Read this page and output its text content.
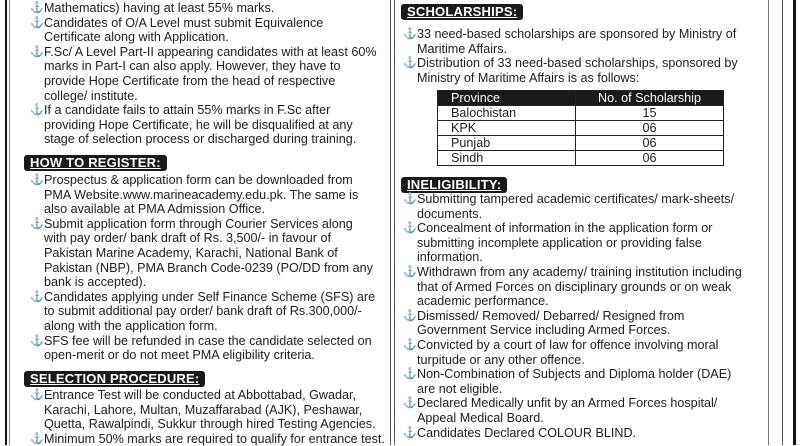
⚓ Mathematics) having at least 55% marks.
⚓ Candidates of O/A Level must submit Equivalence
Certificate along with Application.
⚓ F.Sc/ A Level Part-II appearing candidates with at least 60%
marks in Part-I can also apply. However, they have to
provide Hope Certificate from the head of respective
college/ institute.
⚓ If a candidate fails to attain 55% marks in F.Sc after
providing Hope Certificate, he will be disqualified at any
stage of selection process or discharged during training.
HOW TO REGISTER:
⚓ Prospectus & application form can be downloaded from
PMA Website.www.marineacademy.edu.pk. The same is
also available at PMA Admission Office.
⚓ Submit application form through Courier Services along
with pay order/ bank draft of Rs. 3,500/- in favour of
Pakistan Marine Academy, Karachi, National Bank of
Pakistan (NBP), PMA Branch Code-0239 (PO/DD from any
bank is accepted).
⚓ Candidates applying under Self Finance Scheme (SFS) are
to submit additional pay order/ bank draft of Rs.300,000/-
along with the application form.
⚓ SFS fee will be refunded in case the candidate selected on
open-merit or do not meet PMA eligibility criteria.
SELECTION PROCEDURE:
⚓ Entrance Test will be conducted at Abbottabad, Gwadar,
Karachi, Lahore, Multan, Muzaffarabad (AJK), Peshawar,
Quetta, Rawalpindi, Sukkur through hired Testing Agencies.
⚓ Minimum 50% marks are required to qualify for entrance test.
SCHOLARSHIPS:
⚓ 33 need-based scholarships are sponsored by Ministry of
Maritime Affairs.
⚓ Distribution of 33 need-based scholarships, sponsored by
Ministry of Maritime Affairs is as follows:
Province	No. of Scholarship
Balochistan	15
KPK	06
Punjab	06
Sindh	06
INELIGIBILITY:
⚓ Submitting tampered academic certificates/ mark-sheets/
documents.
⚓ Concealment of information in the application form or
submitting incomplete application or providing false
information.
⚓ Withdrawn from any academy/ training institution including
that of Armed Forces on disciplinary grounds or on weak
academic performance.
⚓ Dismissed/ Removed/ Debarred/ Resigned from
Government Service including Armed Forces.
⚓ Convicted by a court of law for offence involving moral
turpitude or any other offence.
⚓ Non-Combination of Subjects and Diploma holder (DAE)
are not eligible.
⚓ Declared Medically unfit by an Armed Forces hospital/
Appeal Medical Board.
⚓ Candidates Declared COLOUR BLIND.
